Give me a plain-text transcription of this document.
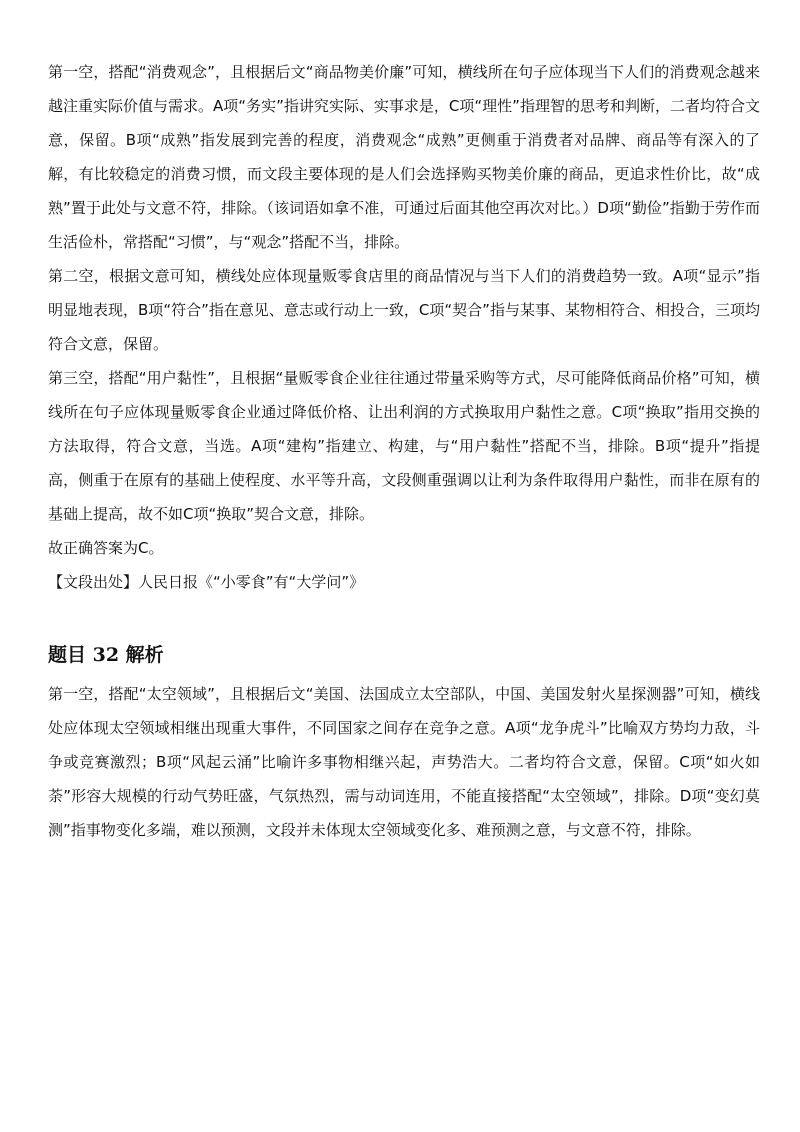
第一空，搭配“消费观念”，且根据后文“商品物美价廉”可知，横线所在句子应体现当下人们的消费观念越来越注重实际价值与需求。A项“务实”指讲究实际、实事求是，C项“理性”指理智的思考和判断，二者均符合文意，保留。B项“成熟”指发展到完善的程度，消费观念“成熟”更侧重于消费者对品牌、商品等有深入的了解，有比较稳定的消费习惯，而文段主要体现的是人们会选择购买物美价廉的商品，更追求性价比，故“成熟”置于此处与文意不符，排除。（该词语如拿不准，可通过后面其他空再次对比。）D项“勤俭”指勤于劳作而生活俭朴，常搭配“习惯”，与“观念”搭配不当，排除。

第二空，根据文意可知，横线处应体现量贩零食店里的商品情况与当下人们的消费趋势一致。A项“显示”指明显地表现，B项“符合”指在意见、意志或行动上一致，C项“契合”指与某事、某物相符合、相投合，三项均符合文意，保留。

第三空，搭配“用户黏性”，且根据“量贩零食企业往往通过带量采购等方式，尽可能降低商品价格”可知，横线所在句子应体现量贩零食企业通过降低价格、让出利润的方式换取用户黏性之意。C项“换取”指用交换的方法取得，符合文意，当选。A项“建构”指建立、构建，与“用户黏性”搭配不当，排除。B项“提升”指提高，侧重于在原有的基础上使程度、水平等升高，文段侧重强调以让利为条件取得用户黏性，而非在原有的基础上提高，故不如C项“换取”契合文意，排除。

故正确答案为C。

【文段出处】人民日报《“小零食”有“大学问”》

题目 32 解析

第一空，搭配“太空领域”，且根据后文“美国、法国成立太空部队，中国、美国发射火星探测器”可知，横线处应体现太空领域相继出现重大事件，不同国家之间存在竞争之意。A项“龙争虎斗”比喻双方势均力敌，斗争或竞赛激烈；B项“风起云涌”比喻许多事物相继兴起，声势浩大。二者均符合文意，保留。C项“如火如荼”形容大规模的行动气势旺盛，气氛热烈，需与动词连用，不能直接搭配“太空领域”，排除。D项“变幻莫测”指事物变化多端，难以预测，文段并未体现太空领域变化多、难预测之意，与文意不符，排除。
